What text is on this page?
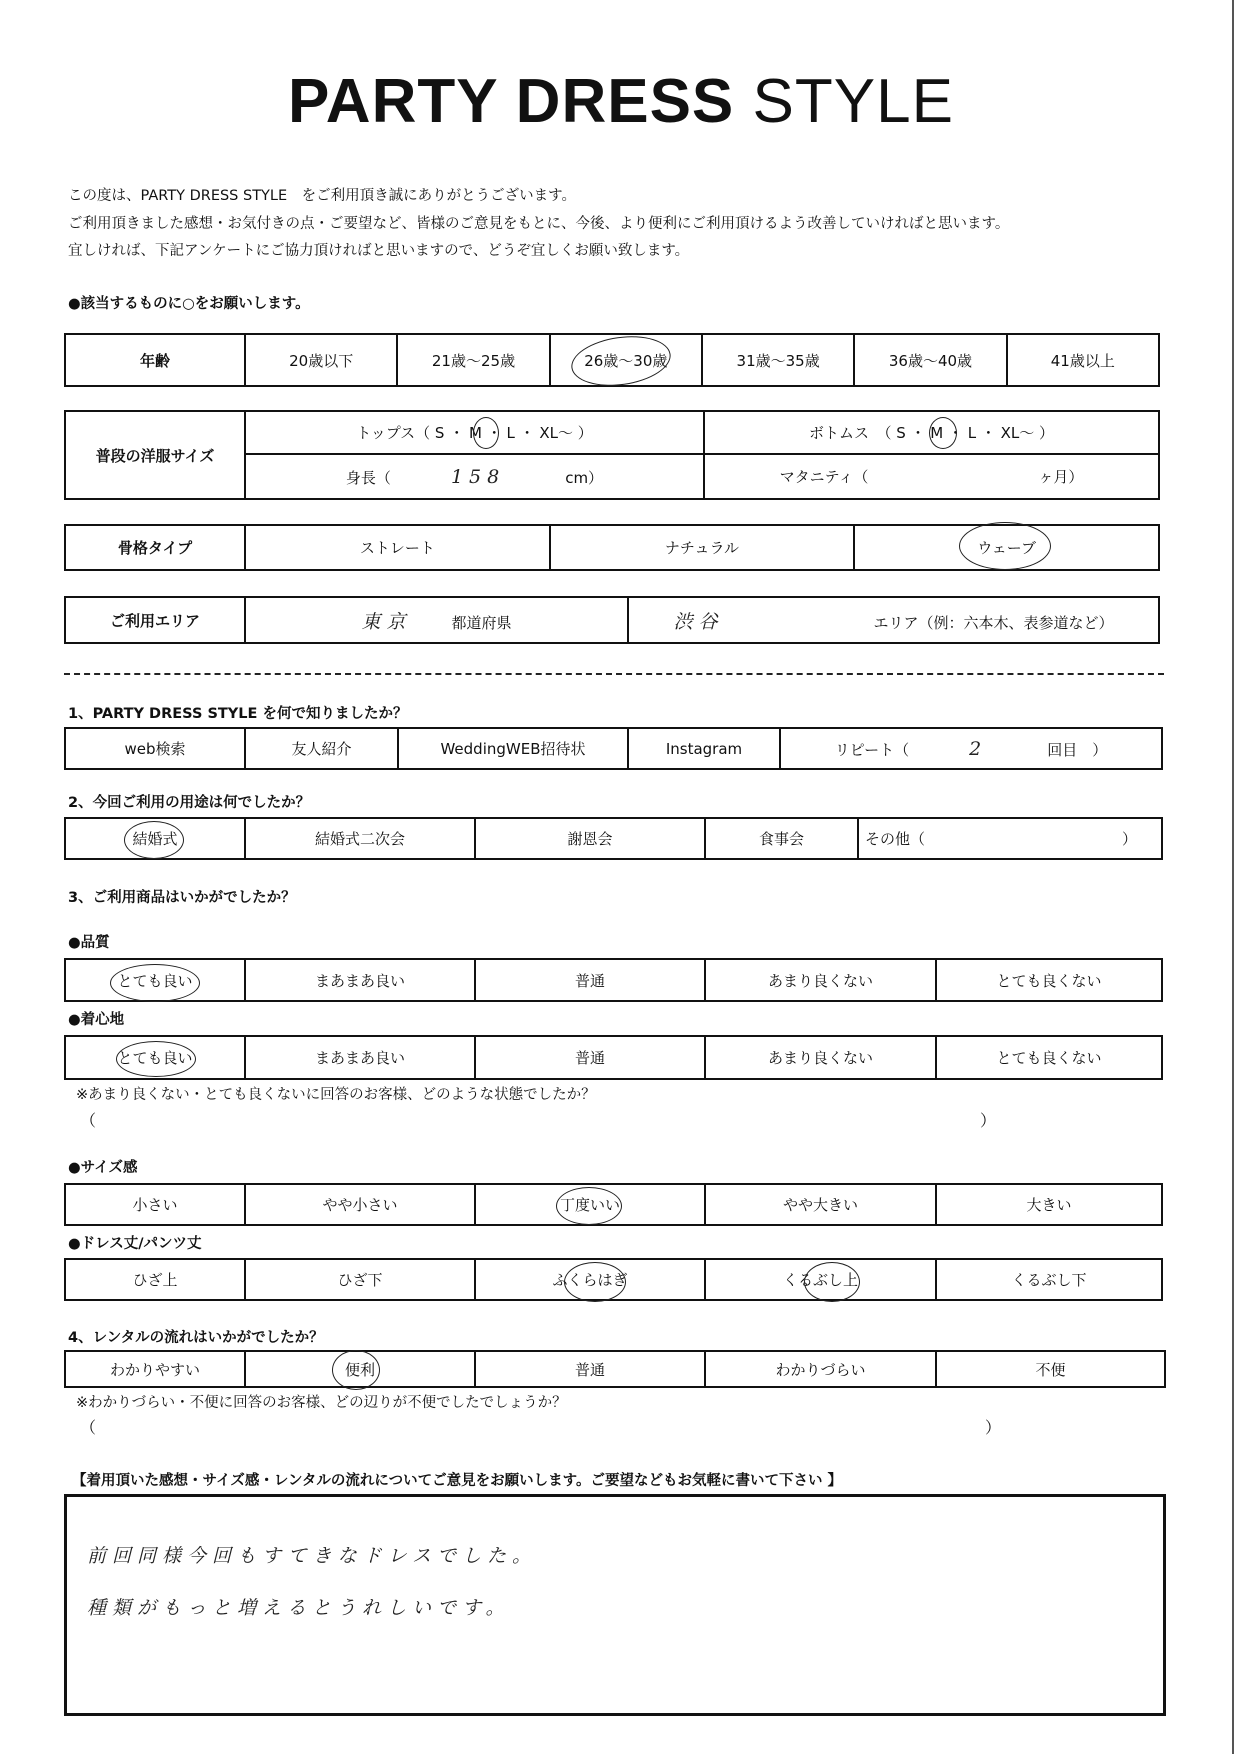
PARTY DRESS STYLE
この度は、PARTY DRESS STYLE　をご利用頂き誠にありがとうございます。
ご利用頂きました感想・お気付きの点・ご要望など、皆様のご意見をもとに、今後、より便利にご利用頂けるよう改善していければと思います。
宜しければ、下記アンケートにご協力頂ければと思いますので、どうぞ宜しくお願い致します。
●該当するものに○をお願いします。
年齢	20歳以下	21歳～25歳	26歳～30歳	31歳～35歳	36歳～40歳	41歳以上
普段の洋服サイズ	トップス（ S ・ M ・ L ・ XL～ ）	ボトムス　（ S ・ M ・ L ・ XL～ ）

	身長（ 158 cm）	マタニティ（ ヶ月）
骨格タイプ	ストレート	ナチュラル	ウェーブ
ご利用エリア	東京	都道府県	渋谷	エリア（例：六本木、表参道など）
1、PARTY DRESS STYLE を何で知りましたか？
web検索	友人紹介	WeddingWEB招待状	Instagram	リピート（	2	回目　）
2、今回ご利用の用途は何でしたか？
結婚式	結婚式二次会	謝恩会	食事会	その他（	）
3、ご利用商品はいかがでしたか？
●品質
とても良い	まあまあ良い	普通	あまり良くない	とても良くない
●着心地
とても良い	まあまあ良い	普通	あまり良くない	とても良くない
※あまり良くない・とても良くないに回答のお客様、どのような状態でしたか？
（	）
●サイズ感
小さい	やや小さい	丁度いい	やや大きい	大きい
●ドレス丈/パンツ丈
ひざ上	ひざ下	ふくらはぎ	くるぶし上	くるぶし下
4、レンタルの流れはいかがでしたか？
わかりやすい	便利	普通	わかりづらい	不便
※わかりづらい・不便に回答のお客様、どの辺りが不便でしたでしょうか？
（	）
【着用頂いた感想・サイズ感・レンタルの流れについてご意見をお願いします。ご要望などもお気軽に書いて下さい 】
前回同様今回もすてきなドレスでした。
種類がもっと増えるとうれしいです。
